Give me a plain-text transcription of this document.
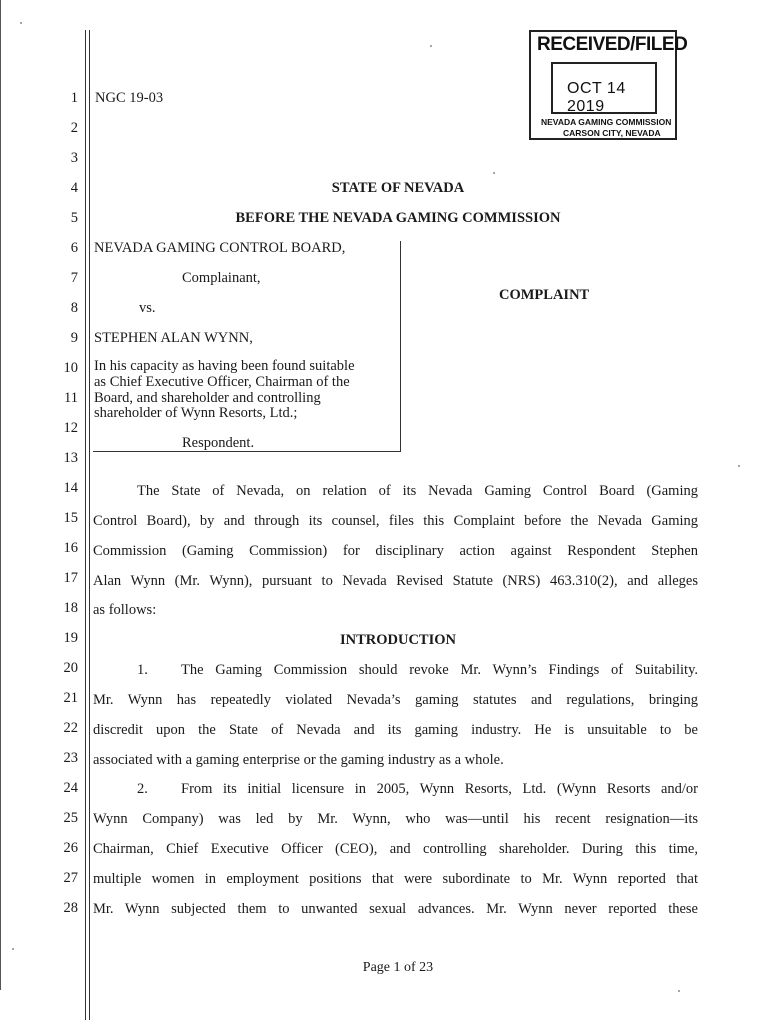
1
2
3
4
5
6
7
8
9
10
11
12
13
14
15
16
17
18
19
20
21
22
23
24
25
26
27
28
NGC 19-03
RECEIVED/FILED
OCT 14 2019
NEVADA GAMING COMMISSION
CARSON CITY, NEVADA
STATE OF NEVADA
BEFORE THE NEVADA GAMING COMMISSION
NEVADA GAMING CONTROL BOARD,
Complainant,
vs.
STEPHEN ALAN WYNN,
In his capacity as having been found suitable
as Chief Executive Officer, Chairman of the
Board, and shareholder and controlling
shareholder of Wynn Resorts, Ltd.;
Respondent.
COMPLAINT
The State of Nevada, on relation of its Nevada Gaming Control Board (Gaming
Control Board), by and through its counsel, files this Complaint before the Nevada Gaming
Commission (Gaming Commission) for disciplinary action against Respondent Stephen
Alan Wynn (Mr. Wynn), pursuant to Nevada Revised Statute (NRS) 463.310(2), and alleges
as follows:
INTRODUCTION
1. The Gaming Commission should revoke Mr. Wynn’s Findings of Suitability.
Mr. Wynn has repeatedly violated Nevada’s gaming statutes and regulations, bringing
discredit upon the State of Nevada and its gaming industry. He is unsuitable to be
associated with a gaming enterprise or the gaming industry as a whole.
2. From its initial licensure in 2005, Wynn Resorts, Ltd. (Wynn Resorts and/or
Wynn Company) was led by Mr. Wynn, who was—until his recent resignation—its
Chairman, Chief Executive Officer (CEO), and controlling shareholder. During this time,
multiple women in employment positions that were subordinate to Mr. Wynn reported that
Mr. Wynn subjected them to unwanted sexual advances. Mr. Wynn never reported these
Page 1 of 23
